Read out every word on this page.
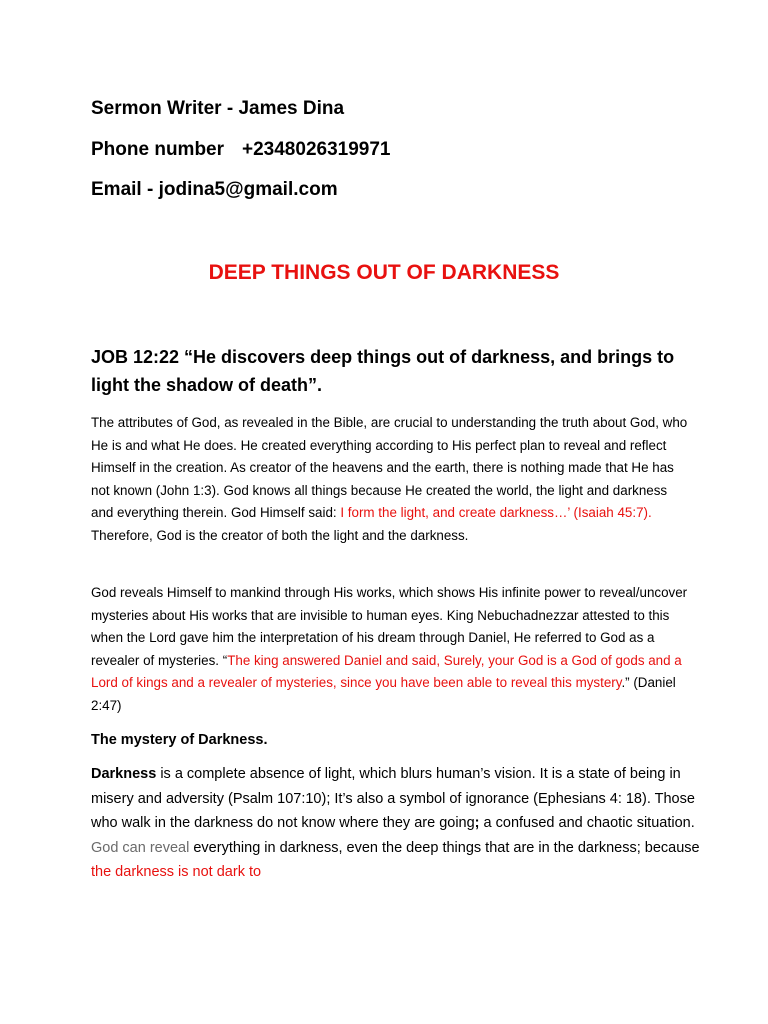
Sermon Writer - James Dina
Phone number +2348026319971
Email - jodina5@gmail.com
DEEP THINGS OUT OF DARKNESS
JOB 12:22 “He discovers deep things out of darkness, and brings to light the shadow of death”.
The attributes of God, as revealed in the Bible, are crucial to understanding the truth about God, who He is and what He does. He created everything according to His perfect plan to reveal and reflect Himself in the creation. As creator of the heavens and the earth, there is nothing made that He has not known (John 1:3). God knows all things because He created the world, the light and darkness and everything therein. God Himself said: I form the light, and create darkness…’ (Isaiah 45:7). Therefore, God is the creator of both the light and the darkness.
God reveals Himself to mankind through His works, which shows His infinite power to reveal/uncover mysteries about His works that are invisible to human eyes. King Nebuchadnezzar attested to this when the Lord gave him the interpretation of his dream through Daniel, He referred to God as a revealer of mysteries. “The king answered Daniel and said, Surely, your God is a God of gods and a Lord of kings and a revealer of mysteries, since you have been able to reveal this mystery.” (Daniel 2:47)
The mystery of Darkness.
Darkness is a complete absence of light, which blurs human’s vision. It is a state of being in misery and adversity (Psalm 107:10); It’s also a symbol of ignorance (Ephesians 4: 18). Those who walk in the darkness do not know where they are going; a confused and chaotic situation. God can reveal everything in darkness, even the deep things that are in the darkness; because the darkness is not dark to
